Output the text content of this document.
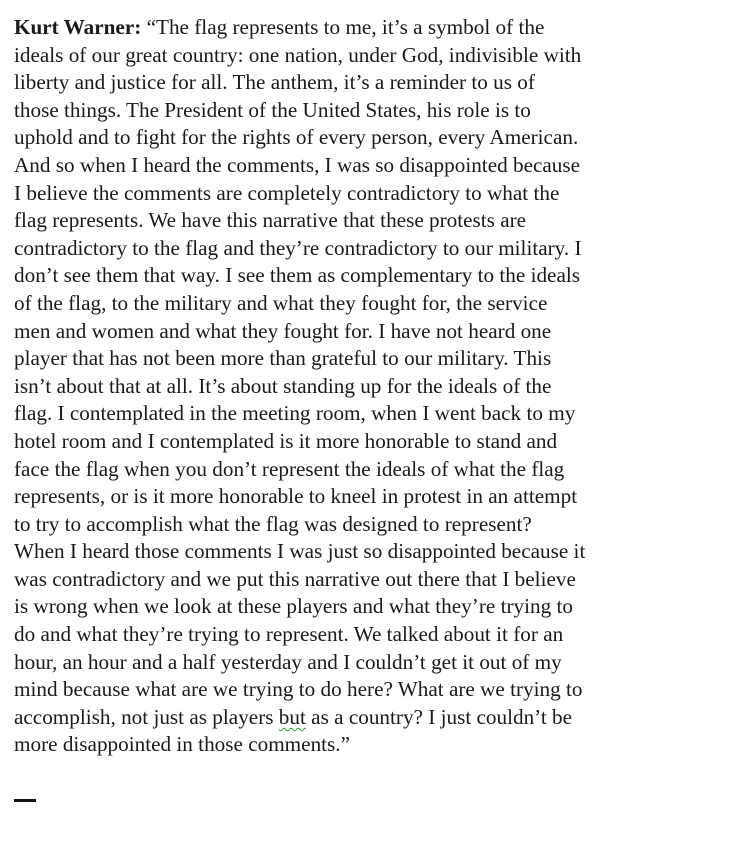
Kurt Warner: “The flag represents to me, it’s a symbol of the
ideals of our great country: one nation, under God, indivisible with
liberty and justice for all. The anthem, it’s a reminder to us of
those things. The President of the United States, his role is to
uphold and to fight for the rights of every person, every American.
And so when I heard the comments, I was so disappointed because
I believe the comments are completely contradictory to what the
flag represents. We have this narrative that these protests are
contradictory to the flag and they’re contradictory to our military. I
don’t see them that way. I see them as complementary to the ideals
of the flag, to the military and what they fought for, the service
men and women and what they fought for. I have not heard one
player that has not been more than grateful to our military. This
isn’t about that at all. It’s about standing up for the ideals of the
flag. I contemplated in the meeting room, when I went back to my
hotel room and I contemplated is it more honorable to stand and
face the flag when you don’t represent the ideals of what the flag
represents, or is it more honorable to kneel in protest in an attempt
to try to accomplish what the flag was designed to represent?
When I heard those comments I was just so disappointed because it
was contradictory and we put this narrative out there that I believe
is wrong when we look at these players and what they’re trying to
do and what they’re trying to represent. We talked about it for an
hour, an hour and a half yesterday and I couldn’t get it out of my
mind because what are we trying to do here? What are we trying to
accomplish, not just as players but as a country? I just couldn’t be
more disappointed in those comments.”
